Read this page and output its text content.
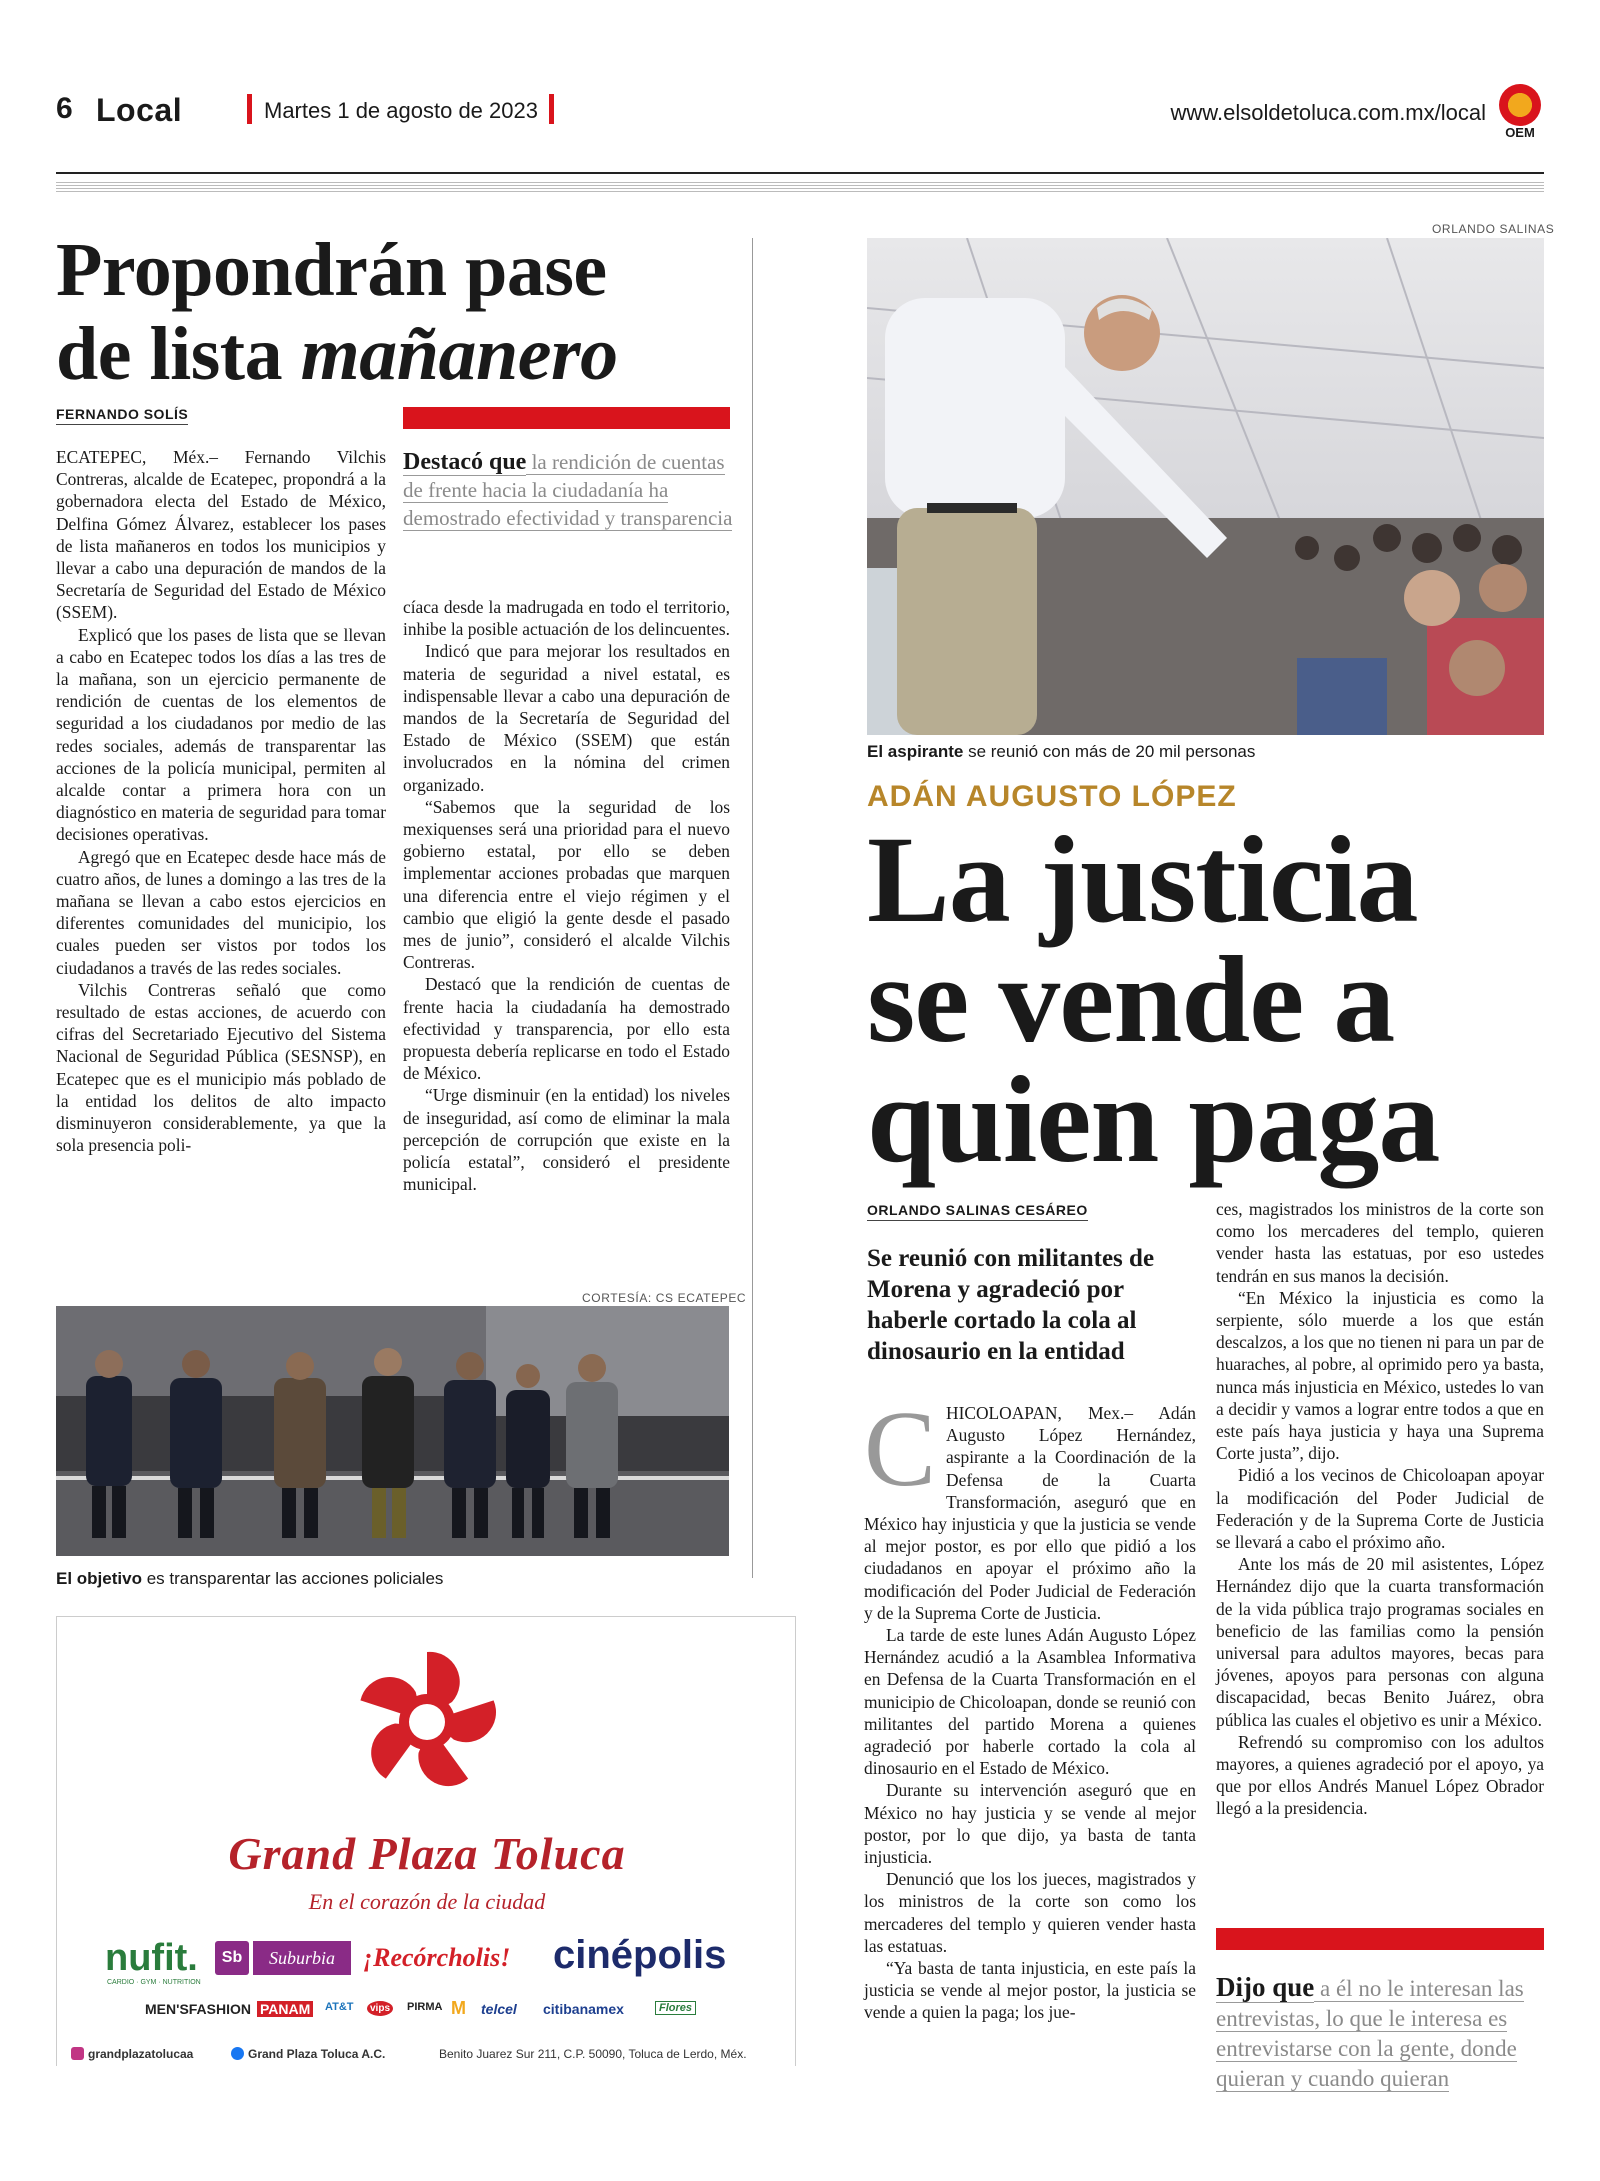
6 Local	Martes 1 de agosto de 2023	www.elsoldetoluca.com.mx/local
OEM
Propondrán pase
de lista mañanero
FERNANDO SOLÍS
Destacó que la rendición de cuentas de frente hacia la ciudadanía ha demostrado efectividad y transparencia

ECATEPEC, Méx.– Fernando Vilchis Contreras, alcalde de Ecatepec, propondrá a la gobernadora electa del Estado de México, Delfina Gómez Álvarez, establecer los pases de lista mañaneros en todos los municipios y llevar a cabo una depuración de mandos de la Secretaría de Seguridad del Estado de México (SSEM).

Explicó que los pases de lista que se llevan a cabo en Ecatepec todos los días a las tres de la mañana, son un ejercicio permanente de rendición de cuentas de los elementos de seguridad a los ciudadanos por medio de las redes sociales, además de transparentar las acciones de la policía municipal, permiten al alcalde contar a primera hora con un diagnóstico en materia de seguridad para tomar decisiones operativas.

Agregó que en Ecatepec desde hace más de cuatro años, de lunes a domingo a las tres de la mañana se llevan a cabo estos ejercicios en diferentes comunidades del municipio, los cuales pueden ser vistos por todos los ciudadanos a través de las redes sociales.

Vilchis Contreras señaló que como resultado de estas acciones, de acuerdo con cifras del Secretariado Ejecutivo del Sistema Nacional de Seguridad Pública (SESNSP), en Ecatepec que es el municipio más poblado de la entidad los delitos de alto impacto disminuyeron considerablemente, ya que la sola presencia poli-

cíaca desde la madrugada en todo el territorio, inhibe la posible actuación de los delincuentes.

Indicó que para mejorar los resultados en materia de seguridad a nivel estatal, es indispensable llevar a cabo una depuración de mandos de la Secretaría de Seguridad del Estado de México (SSEM) que están involucrados en la nómina del crimen organizado.

“Sabemos que la seguridad de los mexiquenses será una prioridad para el nuevo gobierno estatal, por ello se deben implementar acciones probadas que marquen una diferencia entre el viejo régimen y el cambio que eligió la gente desde el pasado mes de junio”, consideró el alcalde Vilchis Contreras.

Destacó que la rendición de cuentas de frente hacia la ciudadanía ha demostrado efectividad y transparencia, por ello esta propuesta debería replicarse en todo el Estado de México.

“Urge disminuir (en la entidad) los niveles de inseguridad, así como de eliminar la mala percepción de corrupción que existe en la policía estatal”, consideró el presidente municipal.

CORTESÍA: CS ECATEPEC
El objetivo es transparentar las acciones policiales
ORLANDO SALINAS
El aspirante se reunió con más de 20 mil personas
ADÁN AUGUSTO LÓPEZ
La justicia
se vende a
quien paga
ORLANDO SALINAS CESÁREO
Se reunió con militantes de Morena y agradeció por haberle cortado la cola al dinosaurio en la entidad

CHICOLOAPAN, Mex.– Adán Augusto López Hernández, aspirante a la Coordinación de la Defensa de la Cuarta Transformación, aseguró que en México hay injusticia y que la justicia se vende al mejor postor, es por ello que pidió a los ciudadanos en apoyar el próximo año la modificación del Poder Judicial de Federación y de la Suprema Corte de Justicia.

La tarde de este lunes Adán Augusto López Hernández acudió a la Asamblea Informativa en Defensa de la Cuarta Transformación en el municipio de Chicoloapan, donde se reunió con militantes del partido Morena a quienes agradeció por haberle cortado la cola al dinosaurio en el Estado de México.

Durante su intervención aseguró que en México no hay justicia y se vende al mejor postor, por lo que dijo, ya basta de tanta injusticia.

Denunció que los los jueces, magistrados y los ministros de la corte son como los mercaderes del templo y quieren vender hasta las estatuas.

“Ya basta de tanta injusticia, en este país la justicia se vende al mejor postor, la justicia se vende a quien la paga; los jue-

ces, magistrados los ministros de la corte son como los mercaderes del templo, quieren vender hasta las estatuas, por eso ustedes tendrán en sus manos la decisión.

“En México la injusticia es como la serpiente, sólo muerde a los que están descalzos, a los que no tienen ni para un par de huaraches, al pobre, al oprimido pero ya basta, nunca más injusticia en México, ustedes lo van a decidir y vamos a lograr entre todos a que en este país haya justicia y haya una Suprema Corte justa”, dijo.

Pidió a los vecinos de Chicoloapan apoyar la modificación del Poder Judicial de Federación y de la Suprema Corte de Justicia se llevará a cabo el próximo año.

Ante los más de 20 mil asistentes, López Hernández dijo que la cuarta transformación de la vida pública trajo programas sociales en beneficio de las familias como la pensión universal para adultos mayores, becas para jóvenes, apoyos para personas con alguna discapacidad, becas Benito Juárez, obra pública las cuales el objetivo es unir a México.

Refrendó su compromiso con los adultos mayores, a quienes agradeció por el apoyo, ya que por ellos Andrés Manuel López Obrador llegó a la presidencia.

Dijo que a él no le interesan las entrevistas, lo que le interesa es entrevistarse con la gente, donde quieran y cuando quieran
Grand Plaza Toluca
En el corazón de la ciudad
nufit.
CARDIO · GYM · NUTRITION
Sb	Suburbia	¡Recórcholis! cinépolis
MEN'SFASHION PANAM AT&T	vips PIRMA M telcel citibanamex	Flores
grandplazatolucaa	Grand Plaza Toluca A.C.	Benito Juarez Sur 211, C.P. 50090, Toluca de Lerdo, Méx.
